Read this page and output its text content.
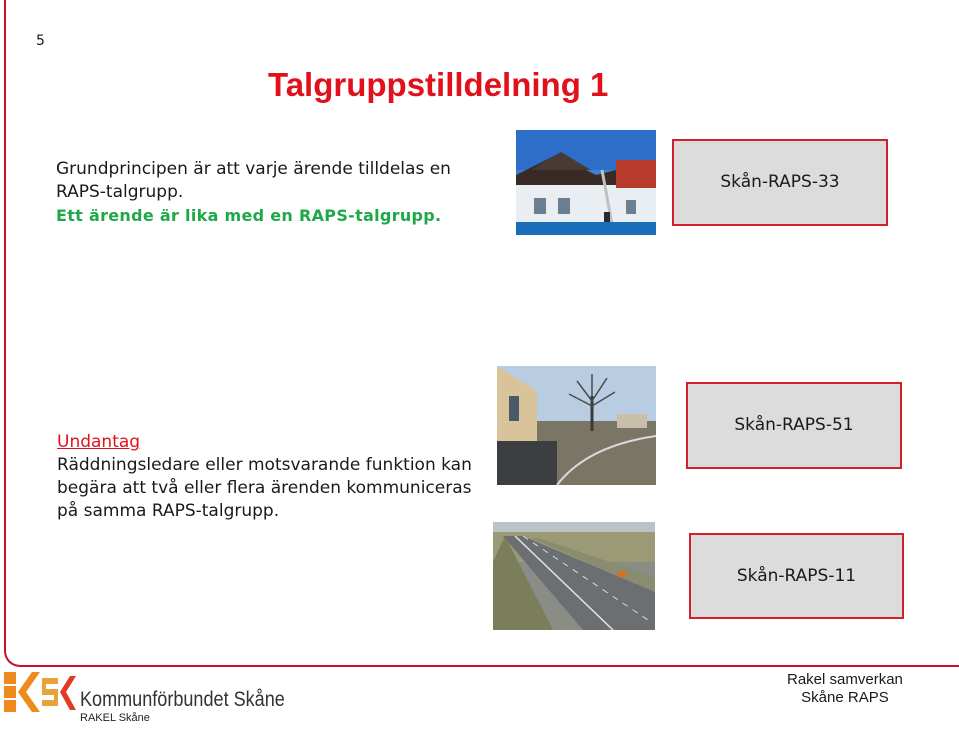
5
Talgruppstilldelning 1
Grundprincipen är att varje ärende tilldelas en RAPS-talgrupp.
Ett ärende är lika med en RAPS-talgrupp.
Undantag
Räddningsledare eller motsvarande funktion kan begära att två eller flera ärenden kommuniceras på samma RAPS-talgrupp.
Skån-RAPS-33
Skån-RAPS-51
Skån-RAPS-11
Kommunförbundet Skåne
RAKEL Skåne
Rakel samverkan
Skåne RAPS
